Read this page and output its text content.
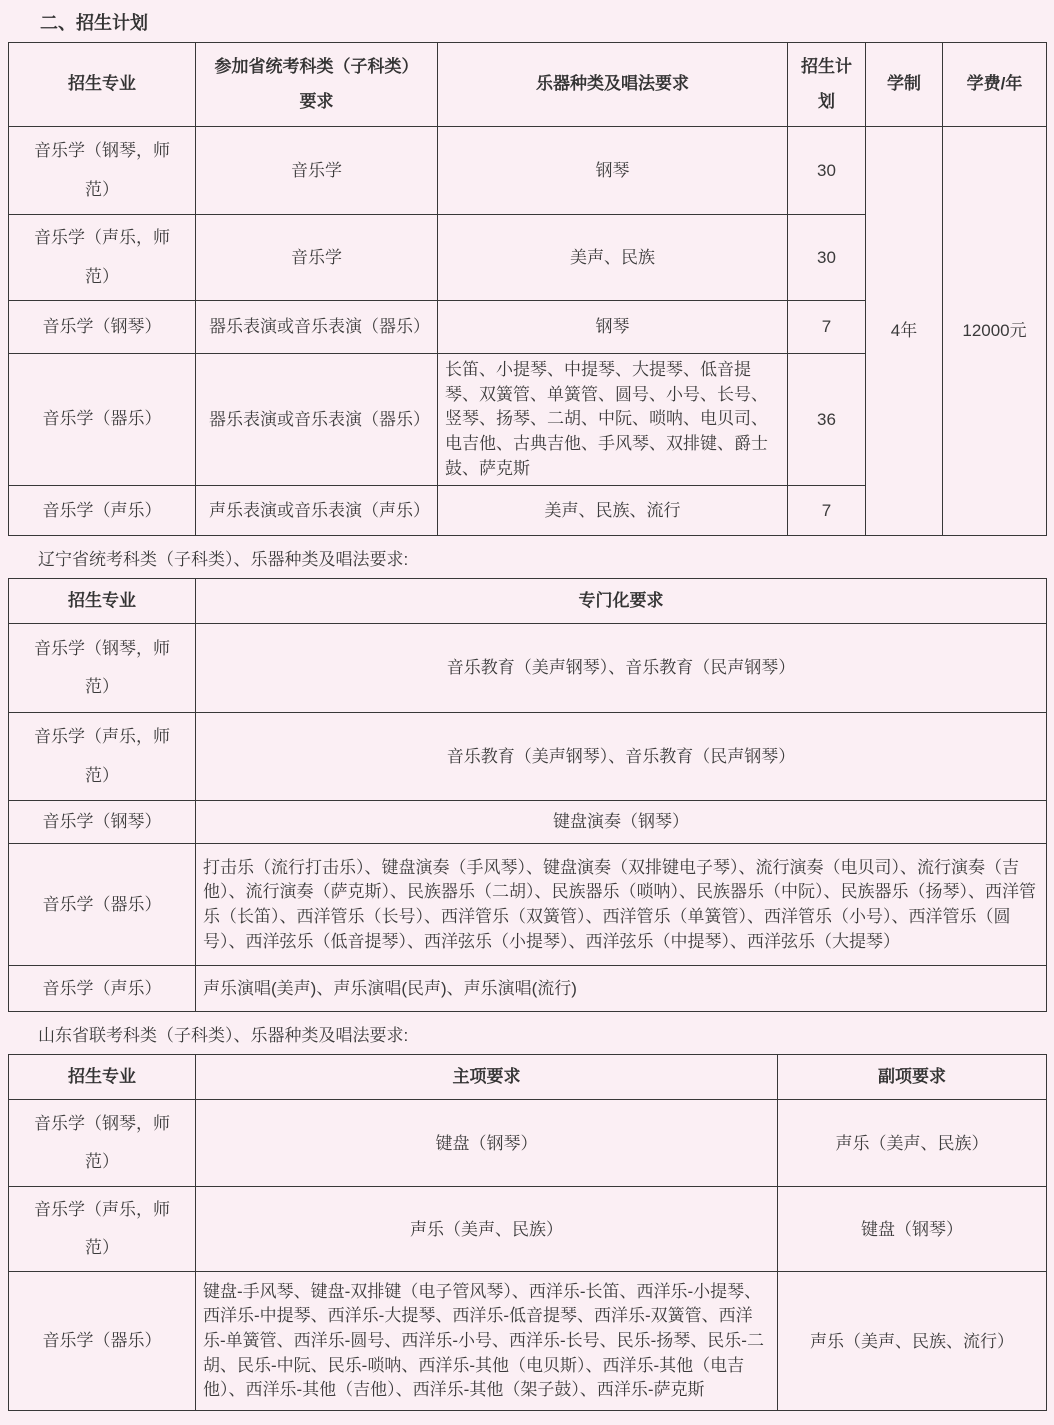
二、招生计划
招生专业	参加省统考科类（子科类）要求	乐器种类及唱法要求	招生计划	学制	学费/年
音乐学（钢琴，师范）	音乐学	钢琴	30	4年	12000元
音乐学（声乐，师范）	音乐学	美声、民族	30		
音乐学（钢琴）	器乐表演或音乐表演（器乐）	钢琴	7		
音乐学（器乐）	器乐表演或音乐表演（器乐）	长笛、小提琴、中提琴、大提琴、低音提琴、双簧管、单簧管、圆号、小号、长号、竖琴、扬琴、二胡、中阮、唢呐、电贝司、电吉他、古典吉他、手风琴、双排键、爵士鼓、萨克斯	36		
音乐学（声乐）	声乐表演或音乐表演（声乐）	美声、民族、流行	7		
辽宁省统考科类（子科类）、乐器种类及唱法要求:
招生专业	专门化要求
音乐学（钢琴，师范）	音乐教育（美声钢琴）、音乐教育（民声钢琴）
音乐学（声乐，师范）	音乐教育（美声钢琴）、音乐教育（民声钢琴）
音乐学（钢琴）	键盘演奏（钢琴）
音乐学（器乐）	打击乐（流行打击乐）、键盘演奏（手风琴）、键盘演奏（双排键电子琴）、流行演奏（电贝司）、流行演奏（吉他）、流行演奏（萨克斯）、民族器乐（二胡）、民族器乐（唢呐）、民族器乐（中阮）、民族器乐（扬琴）、西洋管乐（长笛）、西洋管乐（长号）、西洋管乐（双簧管）、西洋管乐（单簧管）、西洋管乐（小号）、西洋管乐（圆号）、西洋弦乐（低音提琴）、西洋弦乐（小提琴）、西洋弦乐（中提琴）、西洋弦乐（大提琴）
音乐学（声乐）	声乐演唱(美声)、声乐演唱(民声)、声乐演唱(流行)
山东省联考科类（子科类）、乐器种类及唱法要求:
招生专业	主项要求	副项要求
音乐学（钢琴，师范）	键盘（钢琴）	声乐（美声、民族）
音乐学（声乐，师范）	声乐（美声、民族）	键盘（钢琴）
音乐学（器乐）	键盘-手风琴、键盘-双排键（电子管风琴）、西洋乐-长笛、西洋乐-小提琴、西洋乐-中提琴、西洋乐-大提琴、西洋乐-低音提琴、西洋乐-双簧管、西洋乐-单簧管、西洋乐-圆号、西洋乐-小号、西洋乐-长号、民乐-扬琴、民乐-二胡、民乐-中阮、民乐-唢呐、西洋乐-其他（电贝斯）、西洋乐-其他（电吉他）、西洋乐-其他（吉他）、西洋乐-其他（架子鼓）、西洋乐-萨克斯	声乐（美声、民族、流行）
